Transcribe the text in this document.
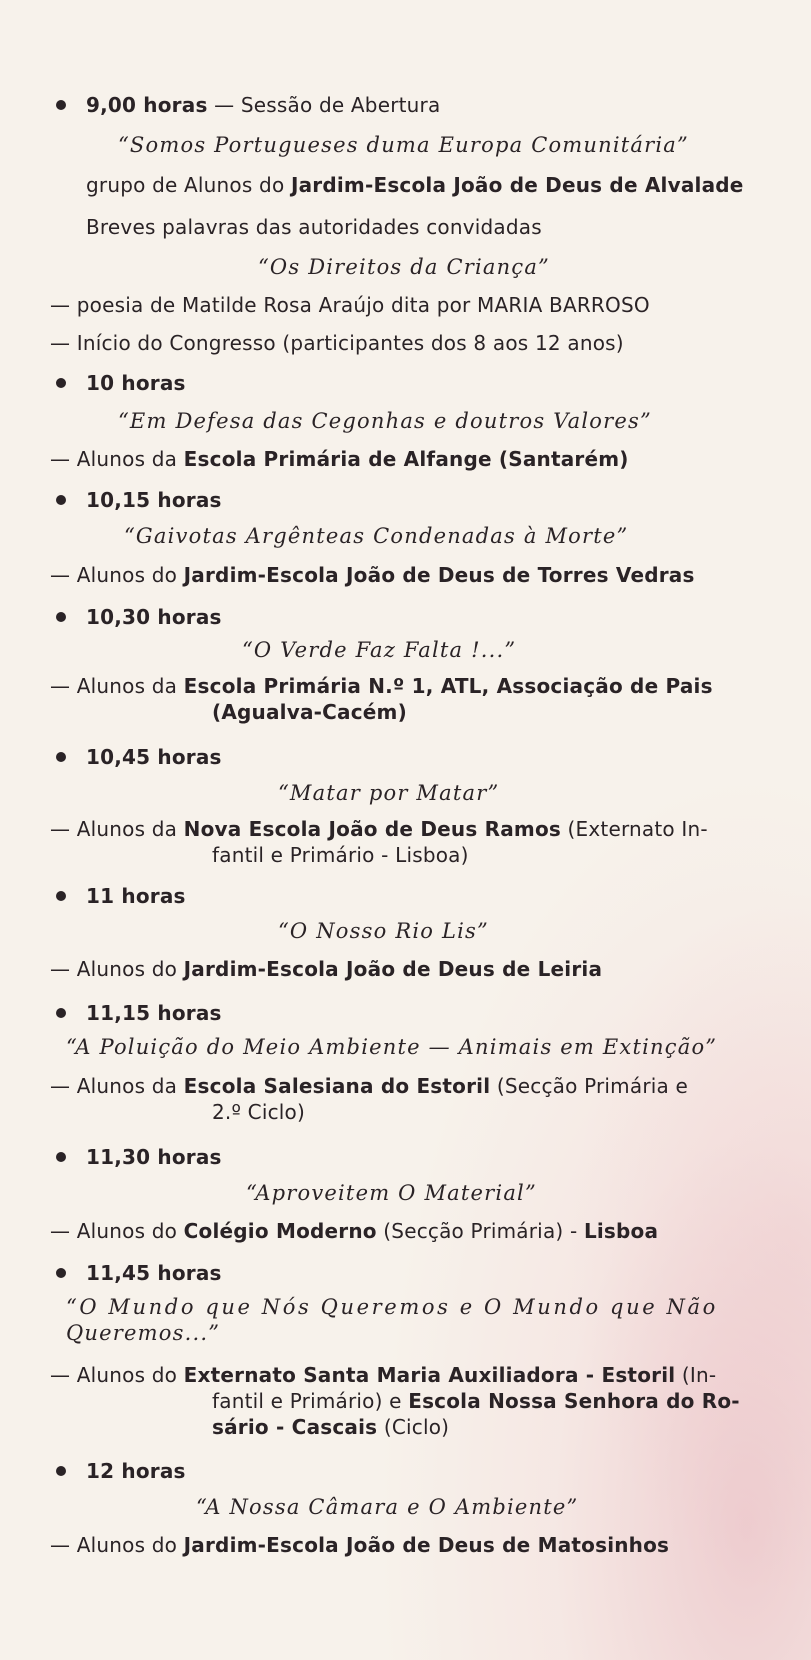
9,00 horas — Sessão de Abertura
“Somos Portugueses duma Europa Comunitária”
grupo de Alunos do Jardim-Escola João de Deus de Alvalade
Breves palavras das autoridades convidadas
“Os Direitos da Criança”
— poesia de Matilde Rosa Araújo dita por MARIA BARROSO
— Início do Congresso (participantes dos 8 aos 12 anos)
10 horas
“Em Defesa das Cegonhas e doutros Valores”
— Alunos da Escola Primária de Alfange (Santarém)
10,15 horas
“Gaivotas Argênteas Condenadas à Morte”
— Alunos do Jardim-Escola João de Deus de Torres Vedras
10,30 horas
“O Verde Faz Falta !...”
— Alunos da Escola Primária N.º 1, ATL, Associação de Pais
(Agualva-Cacém)
10,45 horas
“Matar por Matar”
— Alunos da Nova Escola João de Deus Ramos (Externato In-
fantil e Primário - Lisboa)
11 horas
“O Nosso Rio Lis”
— Alunos do Jardim-Escola João de Deus de Leiria
11,15 horas
“A Poluição do Meio Ambiente — Animais em Extinção”
— Alunos da Escola Salesiana do Estoril (Secção Primária e
2.º Ciclo)
11,30 horas
“Aproveitem O Material”
— Alunos do Colégio Moderno (Secção Primária) - Lisboa
11,45 horas
“O Mundo que Nós Queremos e O Mundo que Não
Queremos...”
— Alunos do Externato Santa Maria Auxiliadora - Estoril (In-
fantil e Primário) e Escola Nossa Senhora do Ro-
sário - Cascais (Ciclo)
12 horas
“A Nossa Câmara e O Ambiente”
— Alunos do Jardim-Escola João de Deus de Matosinhos
